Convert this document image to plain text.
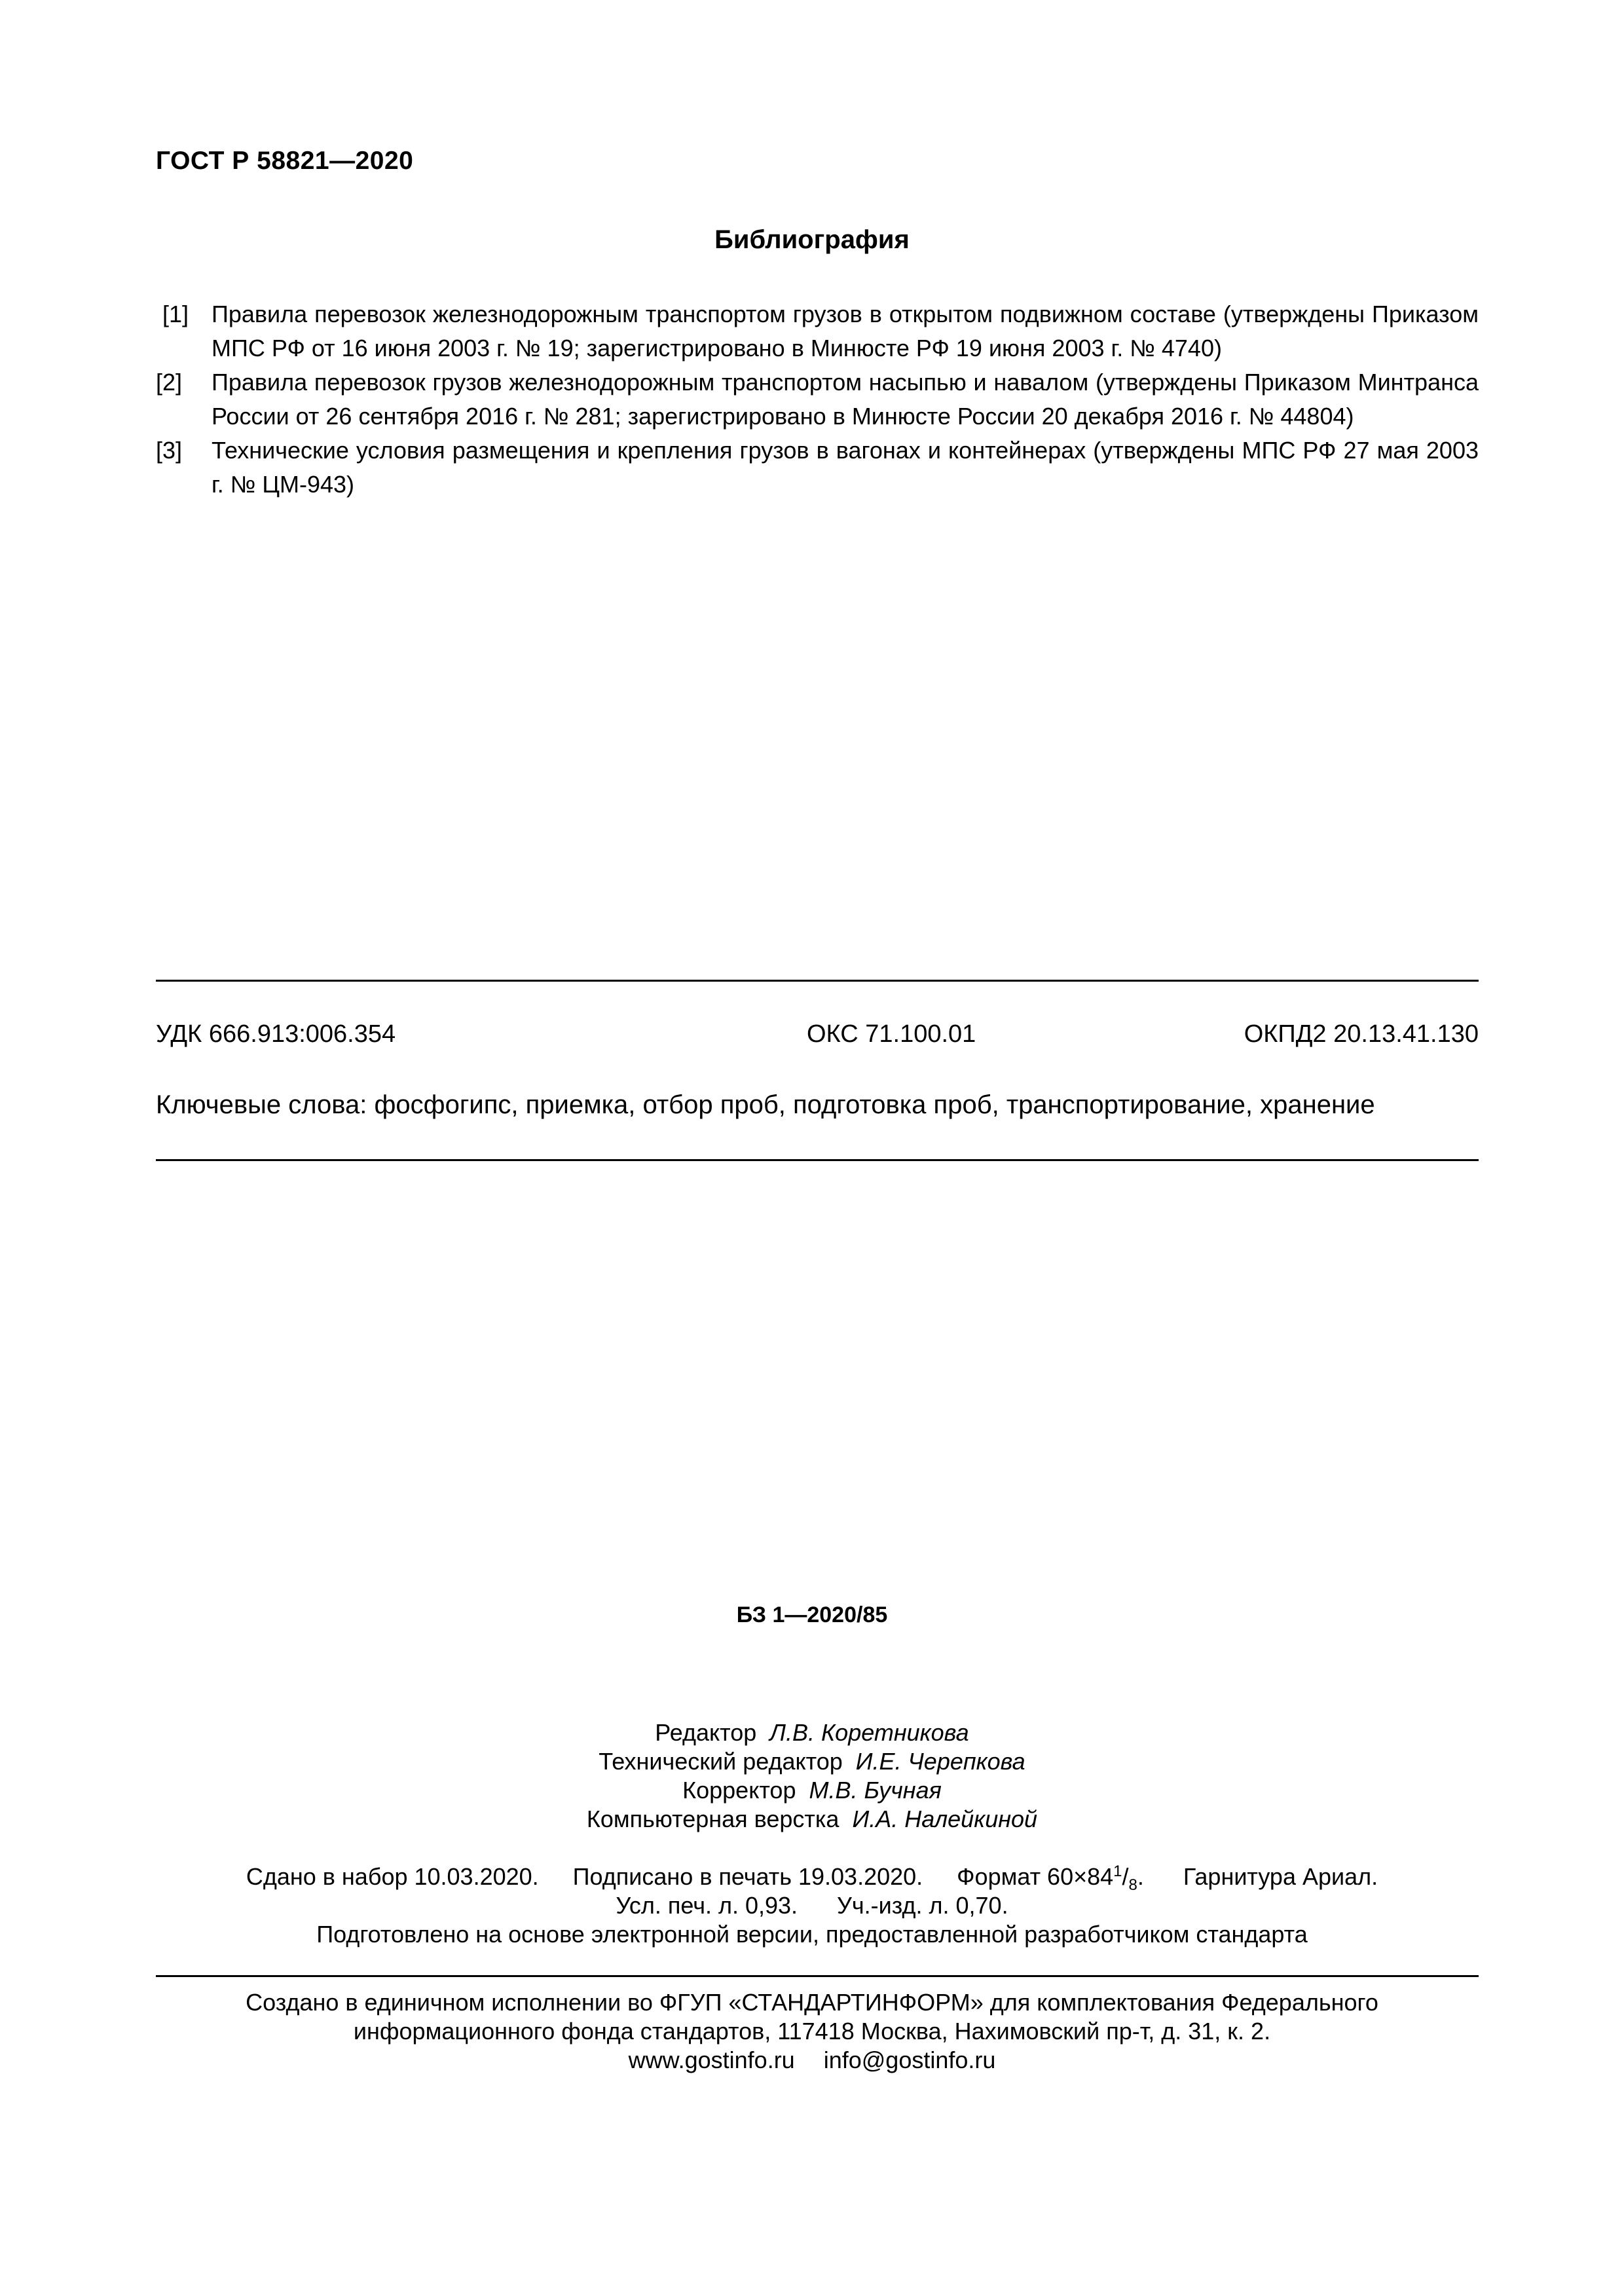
ГОСТ Р 58821—2020
Библиография
[1] Правила перевозок железнодорожным транспортом грузов в открытом подвижном составе (утверждены Приказом МПС РФ от 16 июня 2003 г. № 19; зарегистрировано в Минюсте РФ 19 июня 2003 г. № 4740)
[2]	Правила перевозок грузов железнодорожным транспортом насыпью и навалом (утверждены Приказом Минтранса России от 26 сентября 2016 г. № 281; зарегистрировано в Минюсте России 20 декабря 2016 г. № 44804)
[3]	Технические условия размещения и крепления грузов в вагонах и контейнерах (утверждены МПС РФ 27 мая 2003 г. № ЦМ-943)
УДК 666.913:006.354	ОКС 71.100.01	ОКПД2 20.13.41.130
Ключевые слова: фосфогипс, приемка, отбор проб, подготовка проб, транспортирование, хранение
БЗ 1—2020/85
Редактор Л.В. Коретникова
Технический редактор И.Е. Черепкова
Корректор М.В. Бучная
Компьютерная верстка И.А. Налейкиной
Сдано в набор 10.03.2020. Подписано в печать 19.03.2020. Формат $60\times 84^1/_8$. Гарнитура Ариал.
Усл. печ. л. 0,93. Уч.-изд. л. 0,70.
Подготовлено на основе электронной версии, предоставленной разработчиком стандарта
Создано в единичном исполнении во ФГУП «СТАНДАРТИНФОРМ» для комплектования Федерального
информационного фонда стандартов, 117418 Москва, Нахимовский пр-т, д. 31, к. 2.
www.gostinfo.ru info@gostinfo.ru
